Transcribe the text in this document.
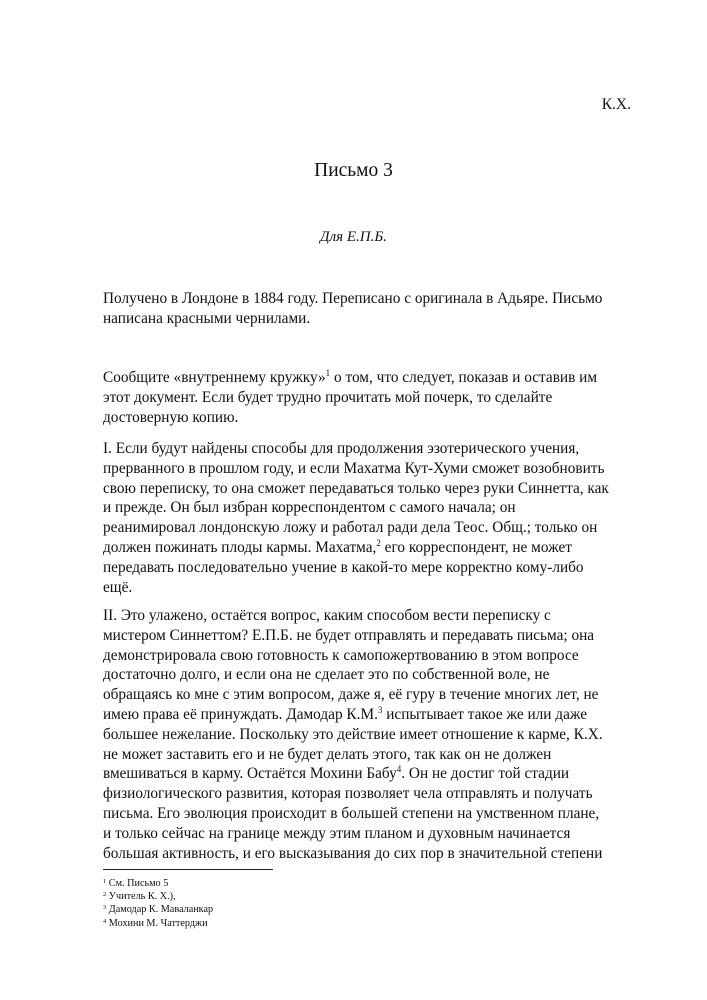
К.Х.
Письмо 3
Для Е.П.Б.
Получено в Лондоне в 1884 году. Переписано с оригинала в Адьяре. Письмо
написана красными чернилами.
Сообщите «внутреннему кружку»$^1$ о том, что следует, показав и оставив им
этот документ. Если будет трудно прочитать мой почерк, то сделайте
достоверную копию.
I. Если будут найдены способы для продолжения эзотерического учения,
прерванного в прошлом году, и если Махатма Кут-Хуми сможет возобновить
свою переписку, то она сможет передаваться только через руки Синнетта, как
и прежде. Он был избран корреспондентом с самого начала; он
реанимировал лондонскую ложу и работал ради дела Теос. Общ.; только он
должен пожинать плоды кармы. Махатма,$^2$ его корреспондент, не может
передавать последовательно учение в какой-то мере корректно кому-либо
ещё.
II. Это улажено, остаётся вопрос, каким способом вести переписку с
мистером Синнеттом? Е.П.Б. не будет отправлять и передавать письма; она
демонстрировала свою готовность к самопожертвованию в этом вопросе
достаточно долго, и если она не сделает это по собственной воле, не
обращаясь ко мне с этим вопросом, даже я, её гуру в течение многих лет, не
имею права её принуждать. Дамодар К.М.$^3$ испытывает такое же или даже
большее нежелание. Поскольку это действие имеет отношение к карме, К.Х.
не может заставить его и не будет делать этого, так как он не должен
вмешиваться в карму. Остаётся Мохини Бабу$^4$. Он не достиг той стадии
физиологического развития, которая позволяет чела отправлять и получать
письма. Его эволюция происходит в большей степени на умственном плане,
и только сейчас на границе между этим планом и духовным начинается
большая активность, и его высказывания до сих пор в значительной степени
$^1$ См. Письмо 5
$^2$ Учитель К. Х.),
$^3$ Дамодар К. Маваланкар
$^4$ Мохини М. Чаттерджи
